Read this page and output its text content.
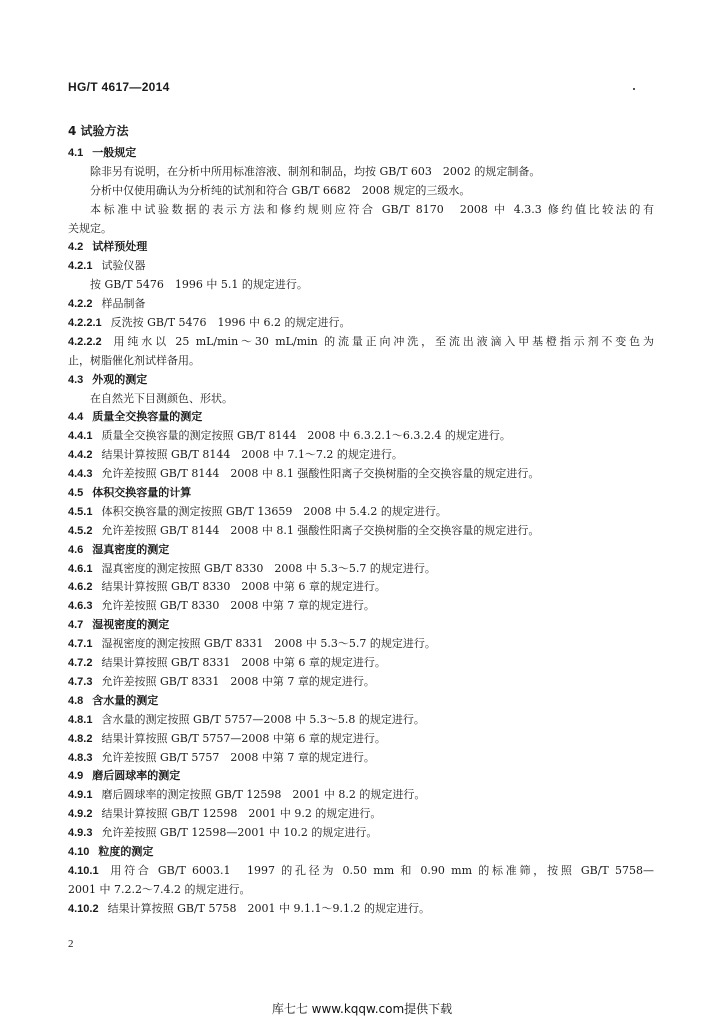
HG/T 4617—2014
4 试验方法
4.1 一般规定
除非另有说明，在分析中所用标准溶液、制剂和制品，均按 GB/T 603　2002 的规定制备。
分析中仅使用确认为分析纯的试剂和符合 GB/T 6682　2008 规定的三级水。
本标准中试验数据的表示方法和修约规则应符合 GB/T 8170　2008 中 4.3.3 修约值比较法的有
关规定。
4.2 试样预处理
4.2.1 试验仪器
按 GB/T 5476　1996 中 5.1 的规定进行。
4.2.2 样品制备
4.2.2.1 反洗按 GB/T 5476　1996 中 6.2 的规定进行。
4.2.2.2 用纯水以 25 mL/min～30 mL/min 的流量正向冲洗，至流出液滴入甲基橙指示剂不变色为
止，树脂催化剂试样备用。
4.3 外观的测定
在自然光下目测颜色、形状。
4.4 质量全交换容量的测定
4.4.1 质量全交换容量的测定按照 GB/T 8144　2008 中 6.3.2.1～6.3.2.4 的规定进行。
4.4.2 结果计算按照 GB/T 8144　2008 中 7.1～7.2 的规定进行。
4.4.3 允许差按照 GB/T 8144　2008 中 8.1 强酸性阳离子交换树脂的全交换容量的规定进行。
4.5 体积交换容量的计算
4.5.1 体积交换容量的测定按照 GB/T 13659　2008 中 5.4.2 的规定进行。
4.5.2 允许差按照 GB/T 8144　2008 中 8.1 强酸性阳离子交换树脂的全交换容量的规定进行。
4.6 湿真密度的测定
4.6.1 湿真密度的测定按照 GB/T 8330　2008 中 5.3～5.7 的规定进行。
4.6.2 结果计算按照 GB/T 8330　2008 中第 6 章的规定进行。
4.6.3 允许差按照 GB/T 8330　2008 中第 7 章的规定进行。
4.7 湿视密度的测定
4.7.1 湿视密度的测定按照 GB/T 8331　2008 中 5.3～5.7 的规定进行。
4.7.2 结果计算按照 GB/T 8331　2008 中第 6 章的规定进行。
4.7.3 允许差按照 GB/T 8331　2008 中第 7 章的规定进行。
4.8 含水量的测定
4.8.1 含水量的测定按照 GB/T 5757—2008 中 5.3～5.8 的规定进行。
4.8.2 结果计算按照 GB/T 5757—2008 中第 6 章的规定进行。
4.8.3 允许差按照 GB/T 5757　2008 中第 7 章的规定进行。
4.9 磨后圆球率的测定
4.9.1 磨后圆球率的测定按照 GB/T 12598　2001 中 8.2 的规定进行。
4.9.2 结果计算按照 GB/T 12598　2001 中 9.2 的规定进行。
4.9.3 允许差按照 GB/T 12598—2001 中 10.2 的规定进行。
4.10 粒度的测定
4.10.1 用符合 GB/T 6003.1　1997 的孔径为 0.50 mm 和 0.90 mm 的标准筛，按照 GB/T 5758—
2001 中 7.2.2～7.4.2 的规定进行。
4.10.2 结果计算按照 GB/T 5758　2001 中 9.1.1～9.1.2 的规定进行。
2
库七七 www.kqqw.com提供下载
